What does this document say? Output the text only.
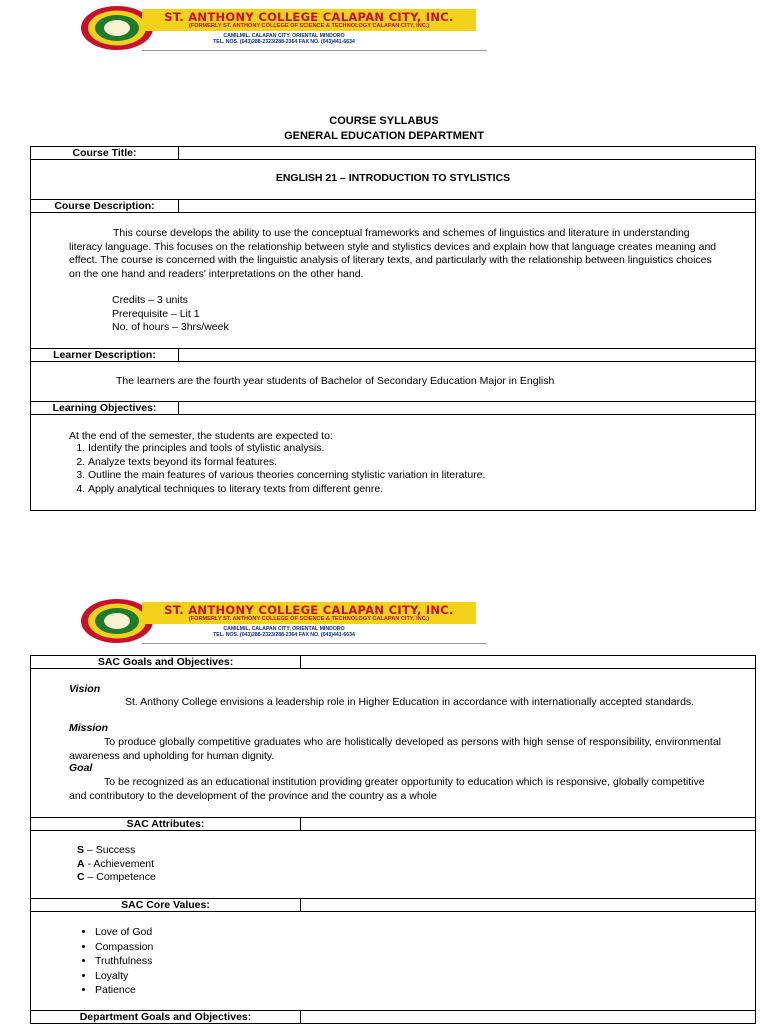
ST. ANTHONY COLLEGE CALAPAN CITY, INC.
(FORMERLY ST. ANTHONY COLLEGE OF SCIENCE & TECHNOLOGY CALAPAN CITY, INC.)
CAMILMIL, CALAPAN CITY, ORIENTAL MINDORO
TEL. NOS. (043)288-2323/288-2364 FAX NO. (043)441-6634
COURSE SYLLABUS
GENERAL EDUCATION DEPARTMENT
Course Title:
ENGLISH 21 – INTRODUCTION TO STYLISTICS
Course Description:
This course develops the ability to use the conceptual frameworks and schemes of linguistics and literature in understanding literacy language. This focuses on the relationship between style and stylistics devices and explain how that language creates meaning and effect. The course is concerned with the linguistic analysis of literary texts, and particularly with the relationship between linguistics choices on the one hand and readers' interpretations on the other hand.
Credits – 3 units
Prerequisite – Lit 1
No. of hours – 3hrs/week
Learner Description:
The learners are the fourth year students of Bachelor of Secondary Education Major in English
Learning Objectives:
At the end of the semester, the students are expected to:
1. Identify the principles and tools of stylistic analysis.
2. Analyze texts beyond its formal features.
3. Outline the main features of various theories concerning stylistic variation in literature.
4. Apply analytical techniques to literary texts from different genre.
ST. ANTHONY COLLEGE CALAPAN CITY, INC.
(FORMERLY ST. ANTHONY COLLEGE OF SCIENCE & TECHNOLOGY CALAPAN CITY, INC.)
CAMILMIL, CALAPAN CITY, ORIENTAL MINDORO
TEL. NOS. (043)288-2323/288-2364 FAX NO. (043)441-6634
SAC Goals and Objectives:
Vision
St. Anthony College envisions a leadership role in Higher Education in accordance with internationally accepted standards.
Mission
To produce globally competitive graduates who are holistically developed as persons with high sense of responsibility, environmental awareness and upholding for human dignity.
Goal
To be recognized as an educational institution providing greater opportunity to education which is responsive, globally competitive and contributory to the development of the province and the country as a whole
SAC Attributes:
S – Success
A - Achievement
C – Competence
SAC Core Values:
• Love of God
• Compassion
• Truthfulness
• Loyalty
• Patience
Department Goals and Objectives:
